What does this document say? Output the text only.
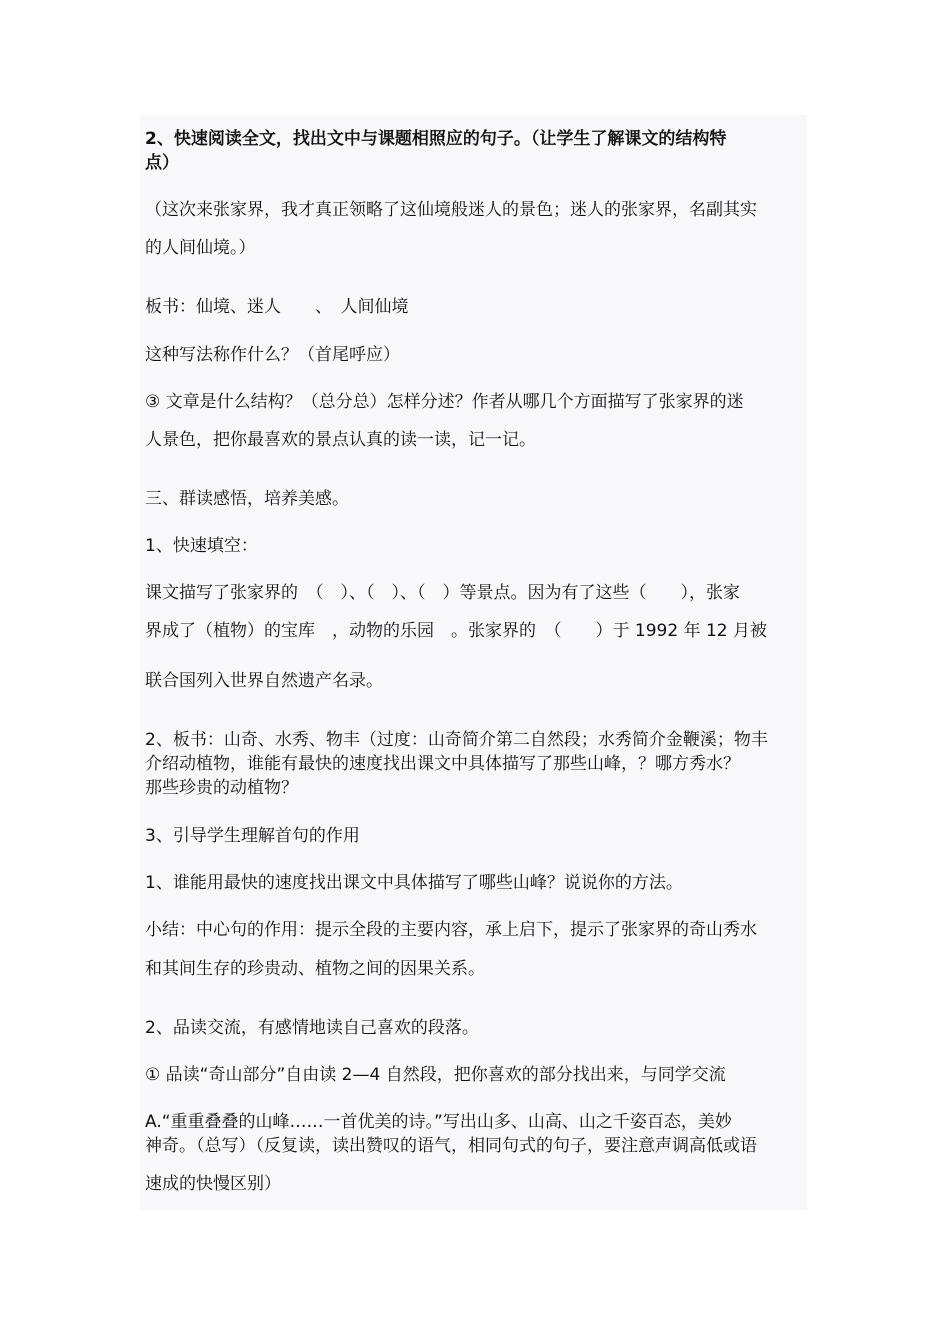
2、快速阅读全文，找出文中与课题相照应的句子。（让学生了解课文的结构特
点）
（这次来张家界，我才真正领略了这仙境般迷人的景色；迷人的张家界，名副其实
的人间仙境。）
板书：仙境、迷人　　、　人间仙境
这种写法称作什么？（首尾呼应）
③ 文章是什么结构？（总分总）怎样分述？作者从哪几个方面描写了张家界的迷
人景色，把你最喜欢的景点认真的读一读，记一记。
三、群读感悟，培养美感。
1、快速填空：
课文描写了张家界的　（　）、（　）、（　）等景点。因为有了这些（　　），张家
界成了（植物）的宝库　，动物的乐园　。张家界的　（　　）于 1992 年 12 月被
联合国列入世界自然遗产名录。
2、板书：山奇、水秀、物丰（过度：山奇简介第二自然段；水秀简介金鞭溪；物丰
介绍动植物，谁能有最快的速度找出课文中具体描写了那些山峰，？哪方秀水？
那些珍贵的动植物？
3、引导学生理解首句的作用
1、谁能用最快的速度找出课文中具体描写了哪些山峰？说说你的方法。
小结：中心句的作用：提示全段的主要内容，承上启下，提示了张家界的奇山秀水
和其间生存的珍贵动、植物之间的因果关系。
2、品读交流，有感情地读自己喜欢的段落。
① 品读“奇山部分”自由读 2—4 自然段，把你喜欢的部分找出来，与同学交流
A.“重重叠叠的山峰……一首优美的诗。”写出山多、山高、山之千姿百态，美妙
神奇。（总写）（反复读，读出赞叹的语气，相同句式的句子，要注意声调高低或语
速成的快慢区别）
